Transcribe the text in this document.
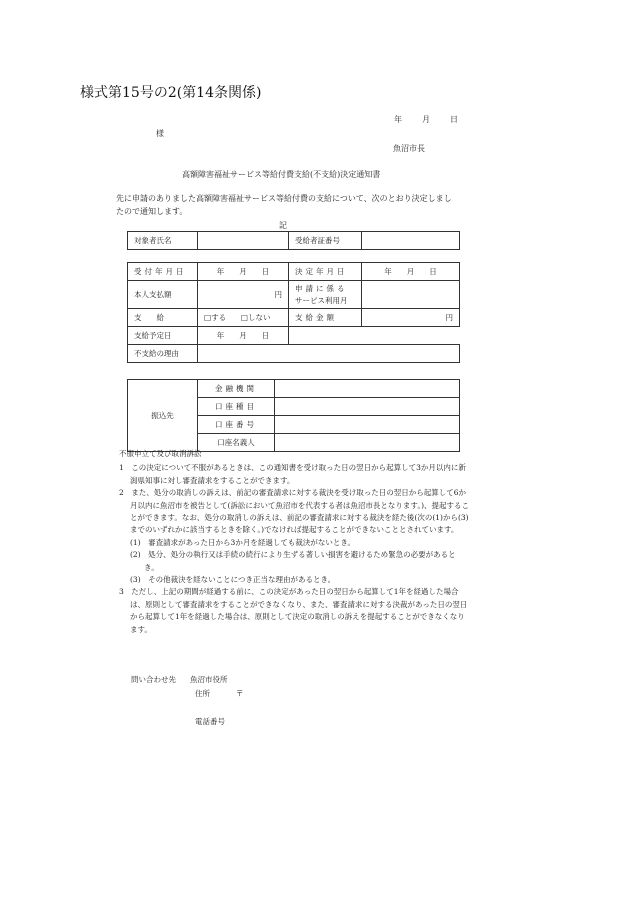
様式第15号の2(第14条関係)
年	月	日
様
魚沼市長
高額障害福祉サービス等給付費支給(不支給)決定通知書
先に申請のありました高額障害福祉サービス等給付費の支給について、次のとおり決定しましたので通知します。
記
対象者氏名		受給者証番号	
受付年月日	年　　月　　日	決定年月日	年　　月　　日
本人支払額	円	申請に係る
サービス利用月	

支　　給	□する □しない	支給金額	円
支給予定日	年　　月　　日		
不支給の理由			
振込先	金融機関	
	口座種目	
	口座番号	
	口座名義人	

不服申立て及び取消訴訟

1　この決定について不服があるときは、この通知書を受け取った日の翌日から起算して3か月以内に新潟県知事に対し審査請求をすることができます。

2　また、処分の取消しの訴えは、前記の審査請求に対する裁決を受け取った日の翌日から起算して6か月以内に魚沼市を被告として(訴訟において魚沼市を代表する者は魚沼市長となります。)、提起することができます。なお、処分の取消しの訴えは、前記の審査請求に対する裁決を経た後(次の(1)から(3)までのいずれかに該当するときを除く。)でなければ提起することができないこととされています。

(1)　審査請求があった日から3か月を経過しても裁決がないとき。

(2)　処分、処分の執行又は手続の続行により生ずる著しい損害を避けるため緊急の必要があるとき。

(3)　その他裁決を経ないことにつき正当な理由があるとき。

3　ただし、上記の期間が経過する前に、この決定があった日の翌日から起算して1年を経過した場合は、原則として審査請求をすることができなくなり、また、審査請求に対する決裁があった日の翌日から起算して1年を経過した場合は、原則として決定の取消しの訴えを提起することができなくなります。

問い合わせ先 魚沼市役所
住所	〒
電話番号
